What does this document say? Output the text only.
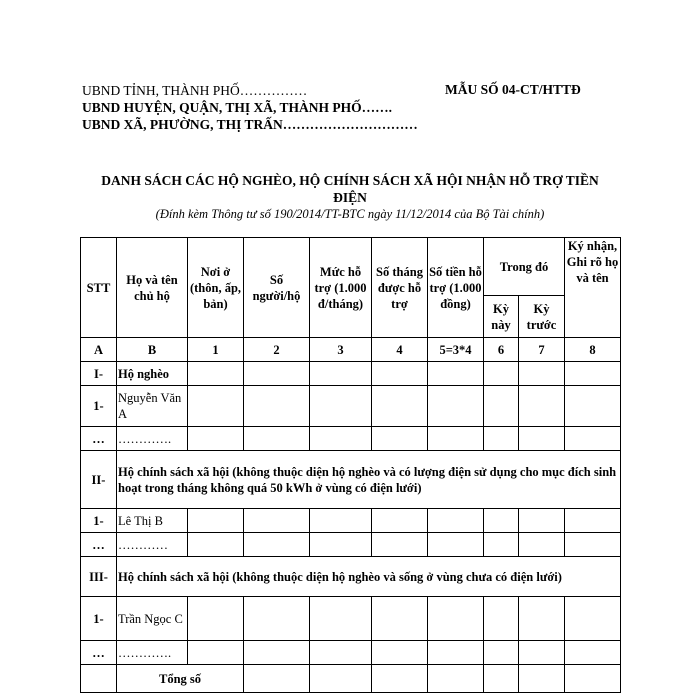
UBND TỈNH, THÀNH PHỐ……………
UBND HUYỆN, QUẬN, THỊ XÃ, THÀNH PHỐ…….
UBND XÃ, PHƯỜNG, THỊ TRẤN…………………………
MẪU SỐ 04-CT/HTTĐ
DANH SÁCH CÁC HỘ NGHÈO, HỘ CHÍNH SÁCH XÃ HỘI NHẬN HỖ TRỢ TIỀN ĐIỆN
(Đính kèm Thông tư số 190/2014/TT-BTC ngày 11/12/2014 của Bộ Tài chính)
STT	Họ và tên chủ hộ	Nơi ở (thôn, ấp, bản)	Số người/hộ	Mức hỗ trợ (1.000 đ/tháng)	Số tháng được hỗ trợ	Số tiền hỗ trợ (1.000 đồng)	Trong đó		Ký nhận, Ghi rõ họ và tên
							Kỳ này	Kỳ trước	
A	B	1	2	3	4	5=3*4	6	7	8
I-	Hộ nghèo								
1-	Nguyễn Văn A								
…	………….								
II-	Hộ chính sách xã hội (không thuộc diện hộ nghèo và có lượng điện sử dụng cho mục đích sinh hoạt trong tháng không quá 50 kWh ở vùng có điện lưới)								
1-	Lê Thị B								
…	…………								
III-	Hộ chính sách xã hội (không thuộc diện hộ nghèo và sống ở vùng chưa có điện lưới)								
1-	Trần Ngọc C								
…	………….								
	Tổng số								
